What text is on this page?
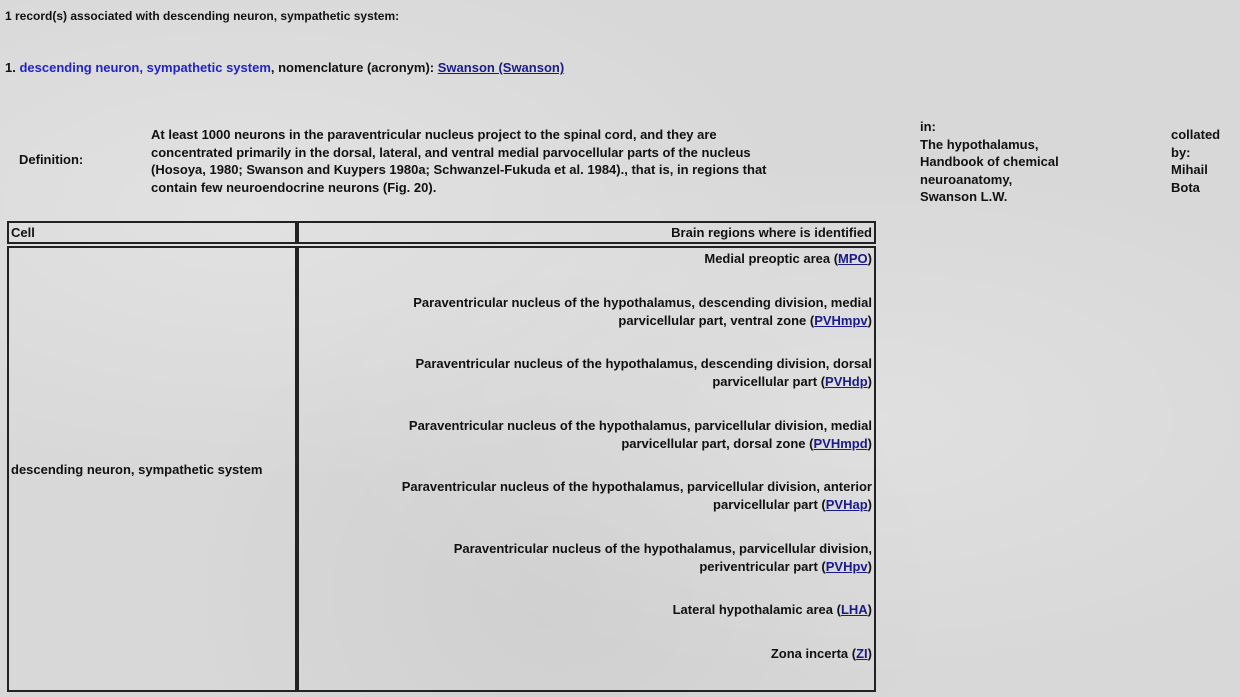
1 record(s) associated with descending neuron, sympathetic system:
1. descending neuron, sympathetic system, nomenclature (acronym): Swanson (Swanson)
Definition:
At least 1000 neurons in the paraventricular nucleus project to the spinal cord, and they are
concentrated primarily in the dorsal, lateral, and ventral medial parvocellular parts of the nucleus
(Hosoya, 1980; Swanson and Kuypers 1980a; Schwanzel-Fukuda et al. 1984)., that is, in regions that
contain few neuroendocrine neurons (Fig. 20).
in:
The hypothalamus,
Handbook of chemical
neuroanatomy,
Swanson L.W.
collated
by:
Mihail
Bota
Cell	Brain regions where is identified
descending neuron, sympathetic system
Medial preoptic area (MPO)
Paraventricular nucleus of the hypothalamus, descending division, medial
parvicellular part, ventral zone (PVHmpv)
Paraventricular nucleus of the hypothalamus, descending division, dorsal
parvicellular part (PVHdp)
Paraventricular nucleus of the hypothalamus, parvicellular division, medial
parvicellular part, dorsal zone (PVHmpd)
Paraventricular nucleus of the hypothalamus, parvicellular division, anterior
parvicellular part (PVHap)
Paraventricular nucleus of the hypothalamus, parvicellular division,
periventricular part (PVHpv)
Lateral hypothalamic area (LHA)
Zona incerta (ZI)
